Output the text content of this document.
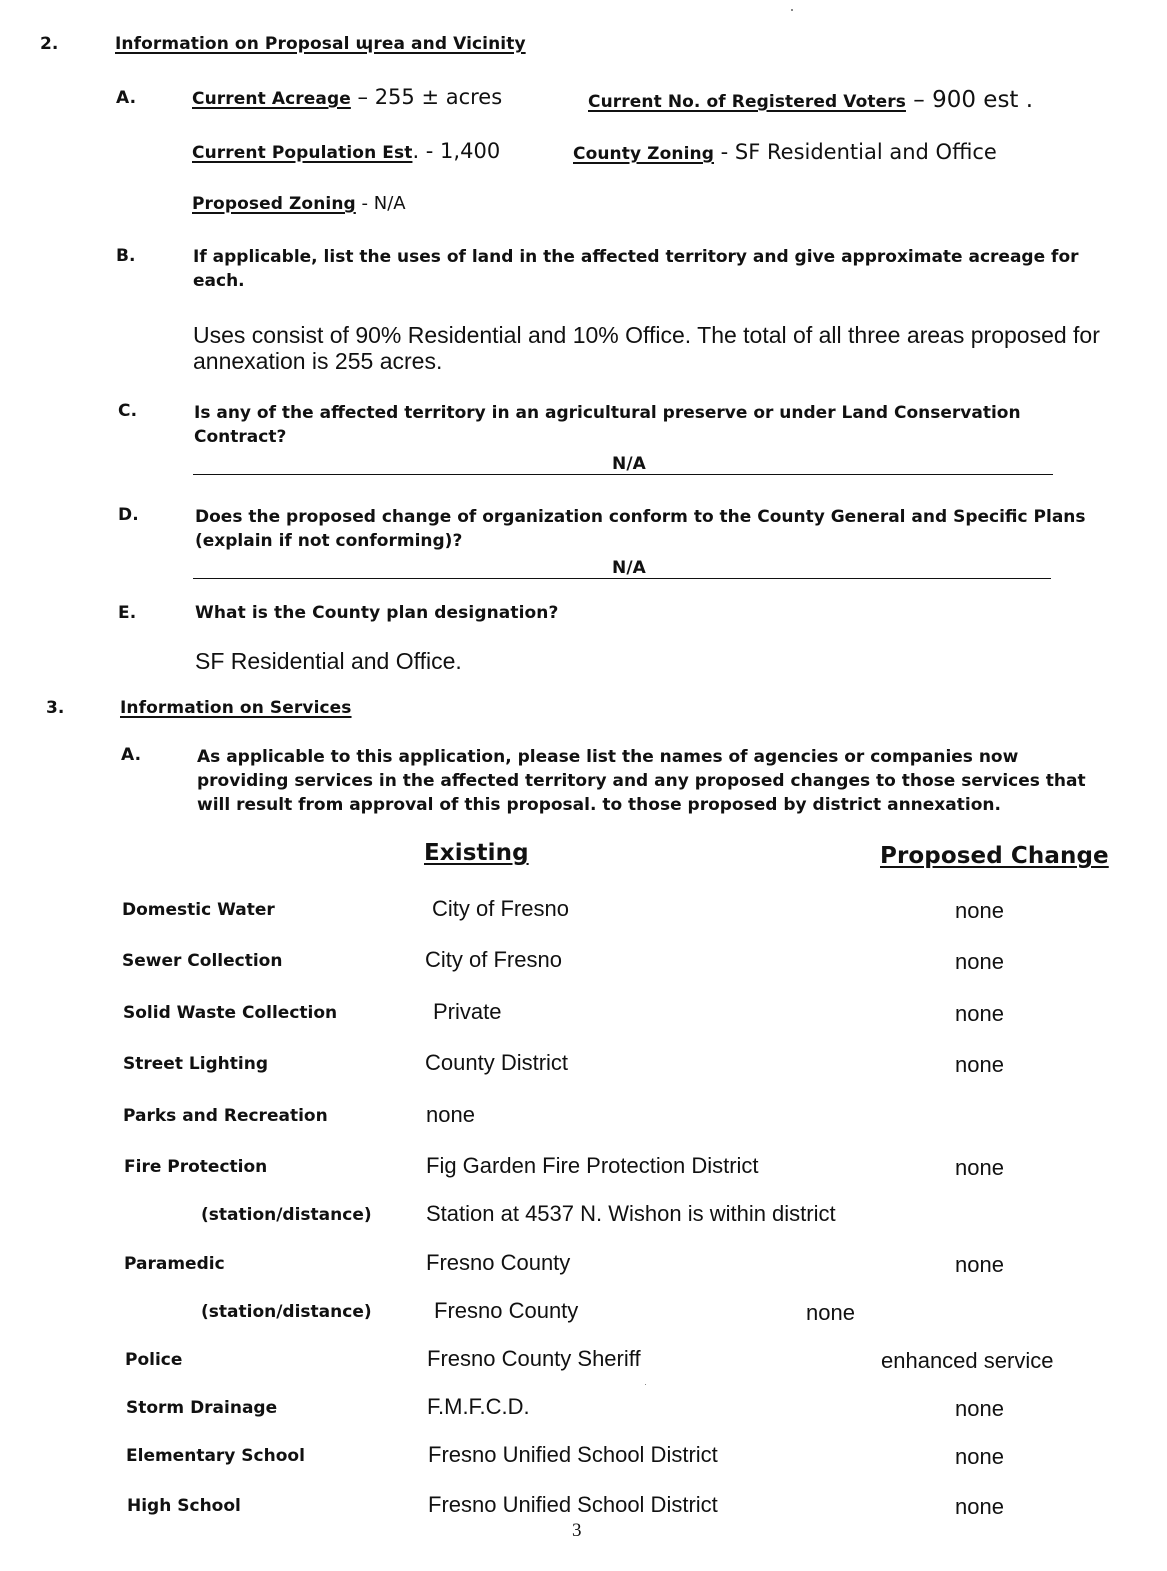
2.	Information on Proposal ɰrea and Vicinity
A.	Current Acreage – 255 ± acres	Current No. of Registered Voters – 900 est .
Current Population Est. - 1,400	County Zoning - SF Residential and Office
Proposed Zoning - N/A
B.	If applicable, list the uses of land in the affected territory and give approximate acreage for each.
Uses consist of 90% Residential and 10% Office. The total of all three areas proposed for annexation is 255 acres.
C.	Is any of the affected territory in an agricultural preserve or under Land Conservation Contract?
N/A
D.	Does the proposed change of organization conform to the County General and Specific Plans (explain if not conforming)?
N/A
E.	What is the County plan designation?
SF Residential and Office.
3.	Information on Services
A.	As applicable to this application, please list the names of agencies or companies now providing services in the affected territory and any proposed changes to those services that will result from approval of this proposal. to those proposed by district annexation.
Existing	Proposed Change
Domestic Water	City of Fresno	none
Sewer Collection	City of Fresno	none
Solid Waste Collection	Private	none
Street Lighting	County District	none
Parks and Recreation	none
Fire Protection	Fig Garden Fire Protection District	none
(station/distance) Station at 4537 N. Wishon is within district
Paramedic	Fresno County	none
(station/distance)	Fresno County	none
Police	Fresno County Sheriff	enhanced service
Storm Drainage	F.M.F.C.D.	none
Elementary School	Fresno Unified School District	none
High School	Fresno Unified School District	none
3
